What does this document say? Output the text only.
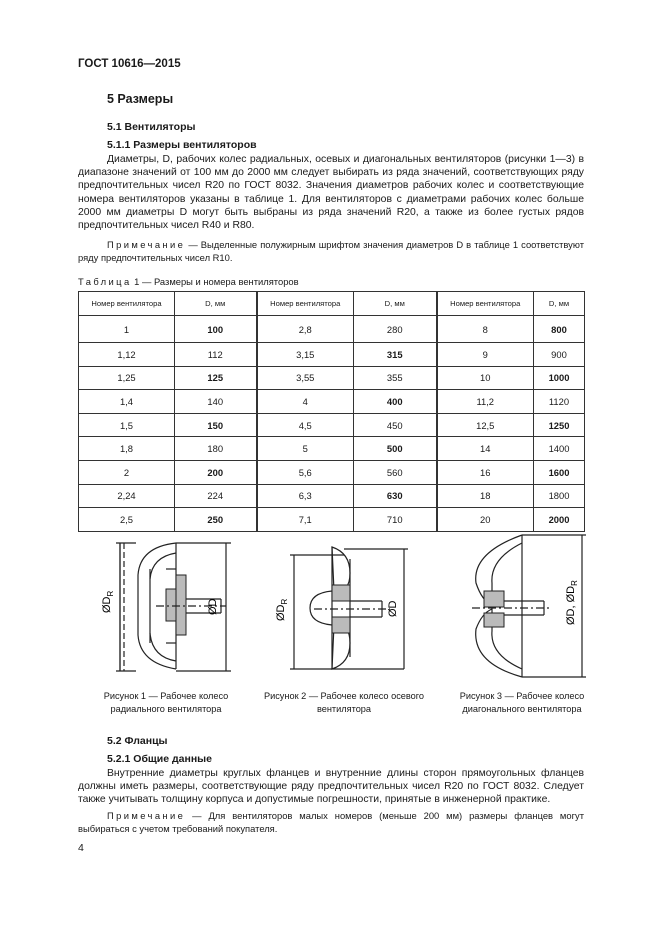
ГОСТ 10616—2015
5 Размеры
5.1 Вентиляторы
5.1.1 Размеры вентиляторов
Диаметры, D, рабочих колес радиальных, осевых и диагональных вентиляторов (рисунки 1—3) в диапазоне значений от 100 мм до 2000 мм следует выбирать из ряда значений, соответствующих ряду предпочтительных чисел R20 по ГОСТ 8032. Значения диаметров рабочих колес и соответствующие номера вентиляторов указаны в таблице 1. Для вентиляторов с диаметрами рабочих колес больше 2000 мм диаметры D могут быть выбраны из ряда значений R20, а также из более густых рядов предпочтительных чисел R40 и R80.
Примечание — Выделенные полужирным шрифтом значения диаметров D в таблице 1 соответствуют ряду предпочтительных чисел R10.
Таблица 1 — Размеры и номера вентиляторов
Номер вентилятора	D, мм	Номер вентилятора	D, мм	Номер вентилятора	D, мм
1	100	2,8	280	8	800
1,12	112	3,15	315	9	900
1,25	125	3,55	355	10	1000
1,4	140	4	400	11,2	1120
1,5	150	4,5	450	12,5	1250
1,8	180	5	500	14	1400
2	200	5,6	560	16	1600
2,24	224	6,3	630	18	1800
2,5	250	7,1	710	20	2000
$ØD_R$
ØD	$ØD_R$	ØD	ØD, $ØD_R$
Рисунок 1 — Рабочее колесо радиального вентилятора
Рисунок 2 — Рабочее колесо осевого вентилятора
Рисунок 3 — Рабочее колесо диагонального вентилятора
5.2 Фланцы
5.2.1 Общие данные
Внутренние диаметры круглых фланцев и внутренние длины сторон прямоугольных фланцев должны иметь размеры, соответствующие ряду предпочтительных чисел R20 по ГОСТ 8032. Следует также учитывать толщину корпуса и допустимые погрешности, принятые в инженерной практике.
Примечание — Для вентиляторов малых номеров (меньше 200 мм) размеры фланцев могут выбираться с учетом требований покупателя.
4
